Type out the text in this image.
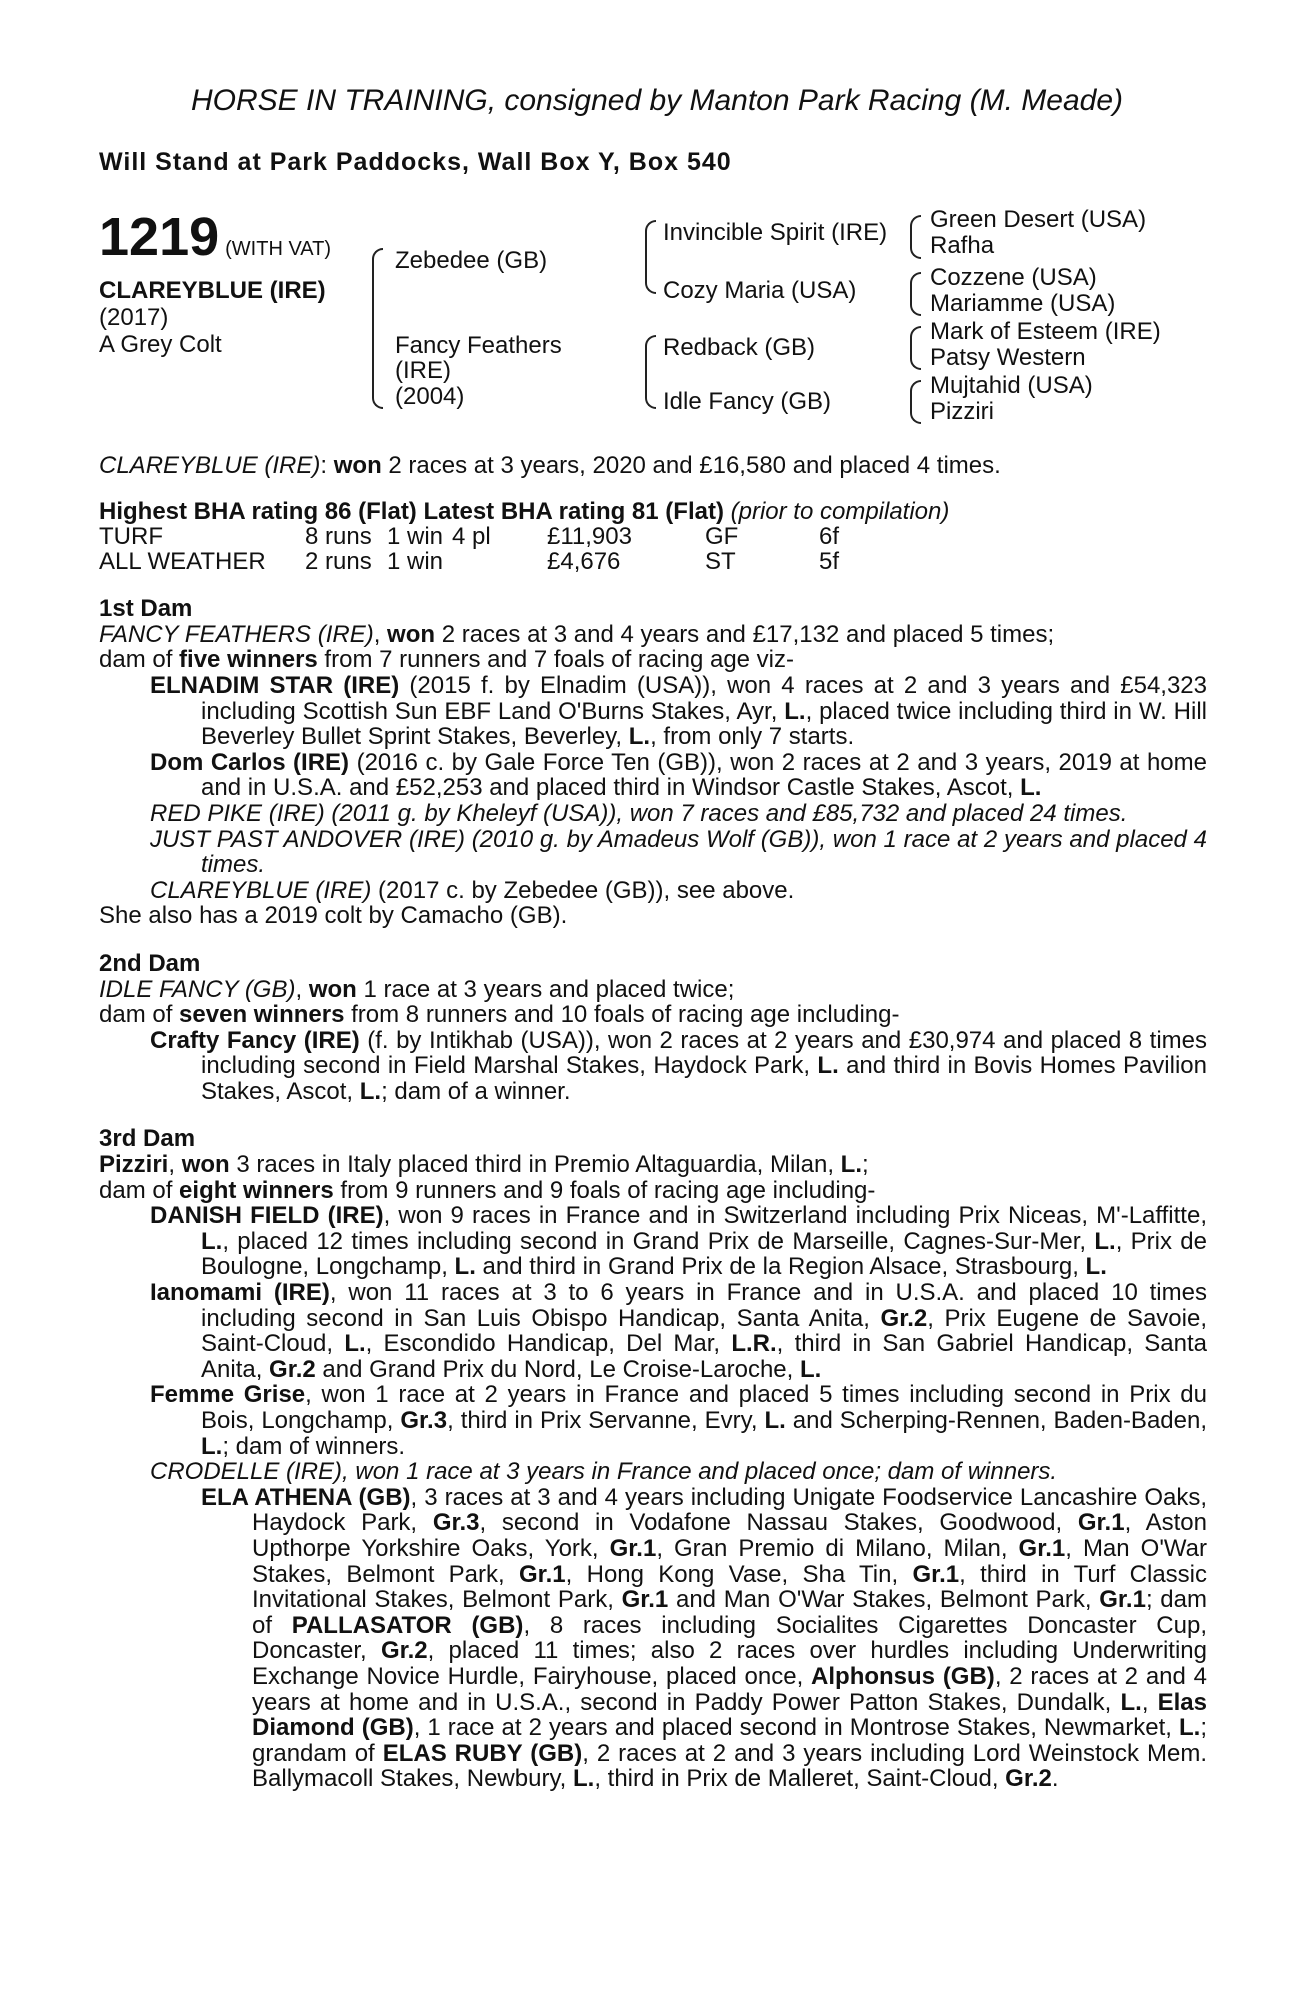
HORSE IN TRAINING, consigned by Manton Park Racing (M. Meade)
Will Stand at Park Paddocks, Wall Box Y, Box 540
1219 (WITH VAT)
CLAREYBLUE (IRE)
(2017)
A Grey Colt
Zebedee (GB)
Fancy Feathers
(IRE)
(2004)
Invincible Spirit (IRE)
Cozy Maria (USA)
Redback (GB)
Idle Fancy (GB)
Green Desert (USA)
Rafha
Cozzene (USA)
Mariamme (USA)
Mark of Esteem (IRE)
Patsy Western
Mujtahid (USA)
Pizziri

CLAREYBLUE (IRE): won 2 races at 3 years, 2020 and £16,580 and placed 4 times.

Highest BHA rating 86 (Flat) Latest BHA rating 81 (Flat) (prior to compilation)

TURF	8 runs	1 win	4 pl	£11,903	GF	6f
ALL WEATHER	2 runs	1 win		£4,676	ST	5f

1st Dam

FANCY FEATHERS (IRE), won 2 races at 3 and 4 years and £17,132 and placed 5 times;

dam of five winners from 7 runners and 7 foals of racing age viz-

ELNADIM STAR (IRE) (2015 f. by Elnadim (USA)), won 4 races at 2 and 3 years and £54,323 including Scottish Sun EBF Land O'Burns Stakes, Ayr, L., placed twice including third in W. Hill Beverley Bullet Sprint Stakes, Beverley, L., from only 7 starts.

Dom Carlos (IRE) (2016 c. by Gale Force Ten (GB)), won 2 races at 2 and 3 years, 2019 at home and in U.S.A. and £52,253 and placed third in Windsor Castle Stakes, Ascot, L.

RED PIKE (IRE) (2011 g. by Kheleyf (USA)), won 7 races and £85,732 and placed 24 times.

JUST PAST ANDOVER (IRE) (2010 g. by Amadeus Wolf (GB)), won 1 race at 2 years and placed 4 times.

CLAREYBLUE (IRE) (2017 c. by Zebedee (GB)), see above.

She also has a 2019 colt by Camacho (GB).

2nd Dam

IDLE FANCY (GB), won 1 race at 3 years and placed twice;

dam of seven winners from 8 runners and 10 foals of racing age including-

Crafty Fancy (IRE) (f. by Intikhab (USA)), won 2 races at 2 years and £30,974 and placed 8 times including second in Field Marshal Stakes, Haydock Park, L. and third in Bovis Homes Pavilion Stakes, Ascot, L.; dam of a winner.

3rd Dam

Pizziri, won 3 races in Italy placed third in Premio Altaguardia, Milan, L.;

dam of eight winners from 9 runners and 9 foals of racing age including-

DANISH FIELD (IRE), won 9 races in France and in Switzerland including Prix Niceas, M'-Laffitte, L., placed 12 times including second in Grand Prix de Marseille, Cagnes-Sur-Mer, L., Prix de Boulogne, Longchamp, L. and third in Grand Prix de la Region Alsace, Strasbourg, L.

Ianomami (IRE), won 11 races at 3 to 6 years in France and in U.S.A. and placed 10 times including second in San Luis Obispo Handicap, Santa Anita, Gr.2, Prix Eugene de Savoie, Saint-Cloud, L., Escondido Handicap, Del Mar, L.R., third in San Gabriel Handicap, Santa Anita, Gr.2 and Grand Prix du Nord, Le Croise-Laroche, L.

Femme Grise, won 1 race at 2 years in France and placed 5 times including second in Prix du Bois, Longchamp, Gr.3, third in Prix Servanne, Evry, L. and Scherping-Rennen, Baden-Baden, L.; dam of winners.

CRODELLE (IRE), won 1 race at 3 years in France and placed once; dam of winners.

ELA ATHENA (GB), 3 races at 3 and 4 years including Unigate Foodservice Lancashire Oaks, Haydock Park, Gr.3, second in Vodafone Nassau Stakes, Goodwood, Gr.1, Aston Upthorpe Yorkshire Oaks, York, Gr.1, Gran Premio di Milano, Milan, Gr.1, Man O'War Stakes, Belmont Park, Gr.1, Hong Kong Vase, Sha Tin, Gr.1, third in Turf Classic Invitational Stakes, Belmont Park, Gr.1 and Man O'War Stakes, Belmont Park, Gr.1; dam of PALLASATOR (GB), 8 races including Socialites Cigarettes Doncaster Cup, Doncaster, Gr.2, placed 11 times; also 2 races over hurdles including Underwriting Exchange Novice Hurdle, Fairyhouse, placed once, Alphonsus (GB), 2 races at 2 and 4 years at home and in U.S.A., second in Paddy Power Patton Stakes, Dundalk, L., Elas Diamond (GB), 1 race at 2 years and placed second in Montrose Stakes, Newmarket, L.; grandam of ELAS RUBY (GB), 2 races at 2 and 3 years including Lord Weinstock Mem. Ballymacoll Stakes, Newbury, L., third in Prix de Malleret, Saint-Cloud, Gr.2.
